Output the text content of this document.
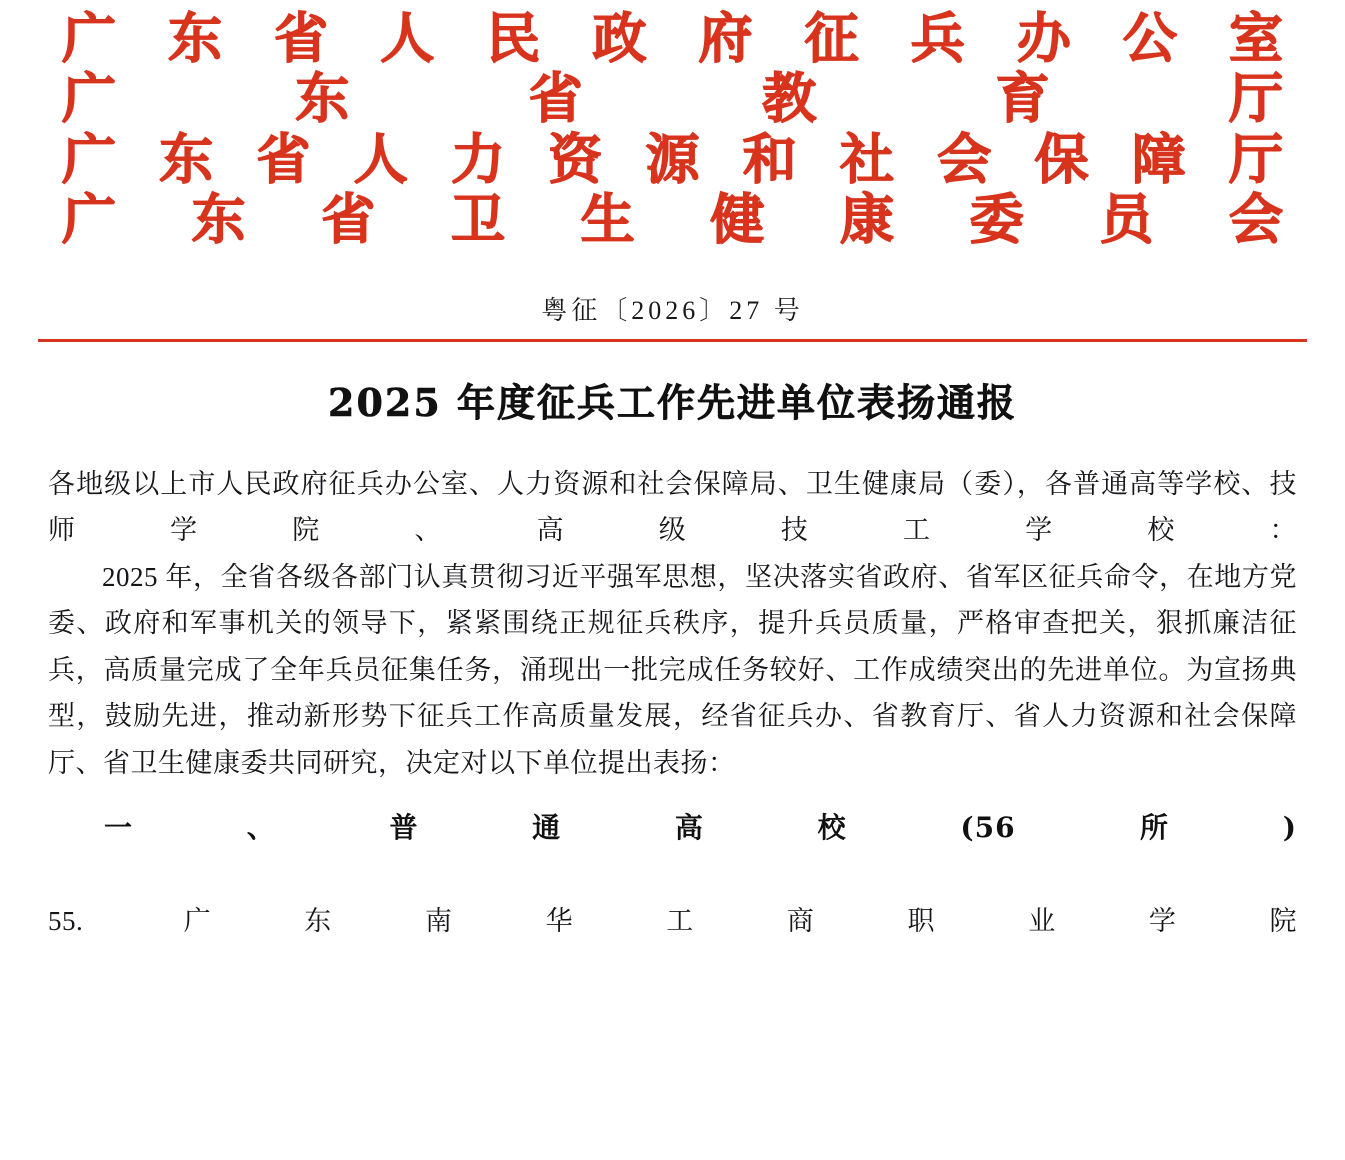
广东省人民政府征兵办公室
广 东 省 教 育 厅
广东省人力资源和社会保障厅
广东省卫生健康委员会
粤征〔2026〕27 号
2025 年度征兵工作先进单位表扬通报

各地级以上市人民政府征兵办公室、人力资源和社会保障局、卫生健康局（委），各普通高等学校、技师学院、高级技工学校：

2025 年，全省各级各部门认真贯彻习近平强军思想，坚决落实省政府、省军区征兵命令，在地方党委、政府和军事机关的领导下，紧紧围绕正规征兵秩序，提升兵员质量，严格审查把关，狠抓廉洁征兵，高质量完成了全年兵员征集任务，涌现出一批完成任务较好、工作成绩突出的先进单位。为宣扬典型，鼓励先进，推动新形势下征兵工作高质量发展，经省征兵办、省教育厅、省人力资源和社会保障厅、省卫生健康委共同研究，决定对以下单位提出表扬：

一、普通高校(56 所)
55. 广东南华工商职业学院
